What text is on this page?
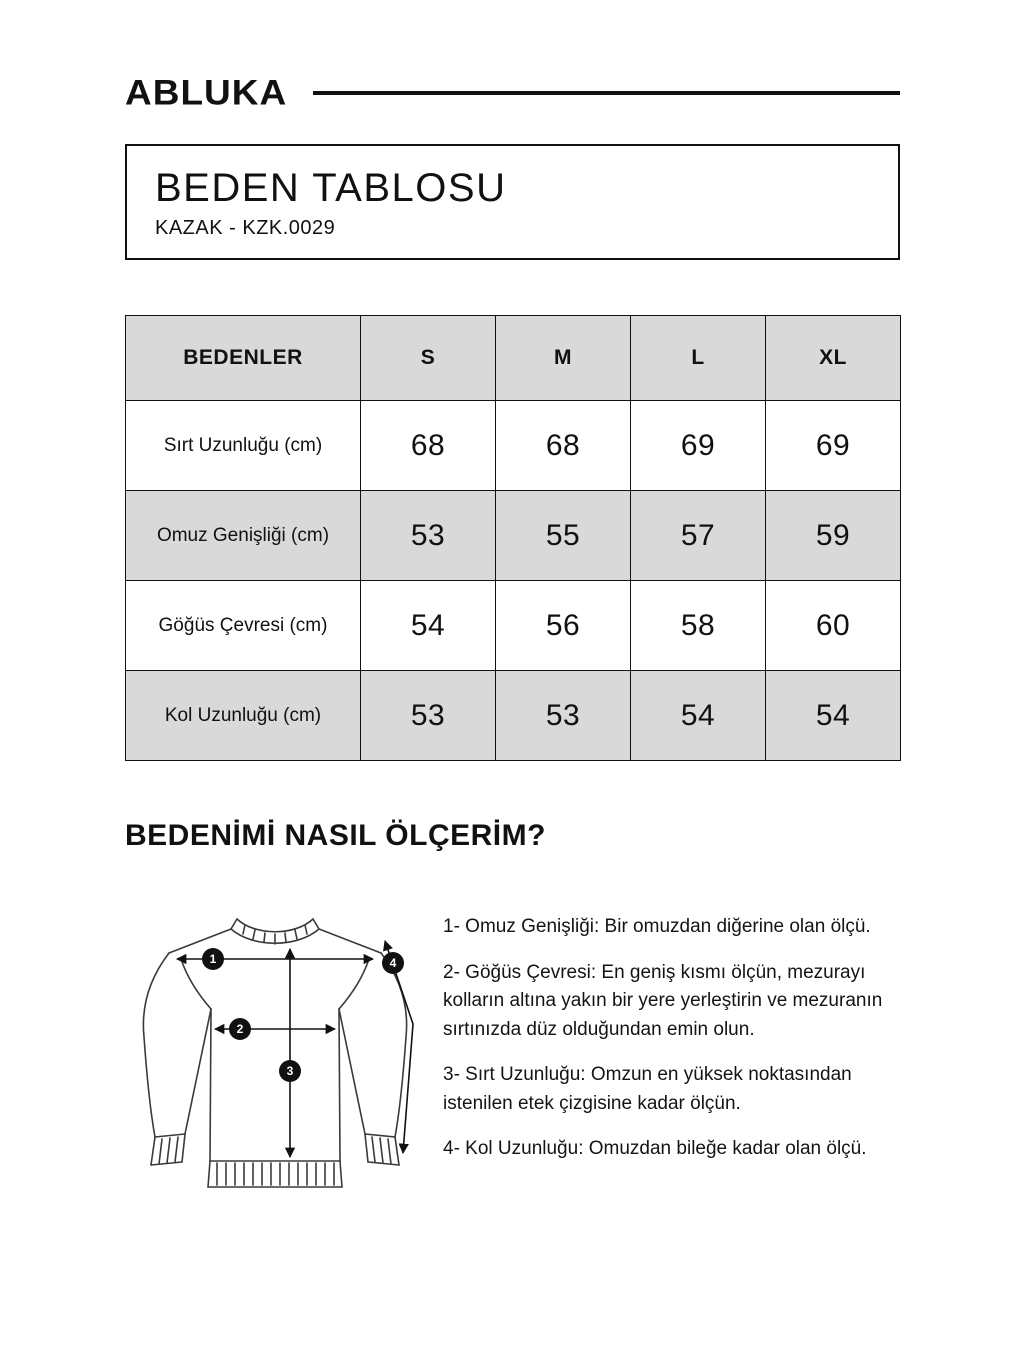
ABLUKA
BEDEN TABLOSU
KAZAK - KZK.0029
BEDENLER	S	M	L	XL
Sırt Uzunluğu (cm)	68	68	69	69
Omuz Genişliği (cm)	53	55	57	59
Göğüs Çevresi (cm)	54	56	58	60
Kol Uzunluğu (cm)	53	53	54	54
BEDENİMİ NASIL ÖLÇERİM?
1
2
3
4

1- Omuz Genişliği: Bir omuzdan diğerine olan ölçü.

2- Göğüs Çevresi: En geniş kısmı ölçün, mezurayı kolların altına yakın bir yere yerleştirin ve mezuranın sırtınızda düz olduğundan emin olun.

3- Sırt Uzunluğu: Omzun en yüksek noktasından istenilen etek çizgisine kadar ölçün.

4- Kol Uzunluğu: Omuzdan bileğe kadar olan ölçü.
